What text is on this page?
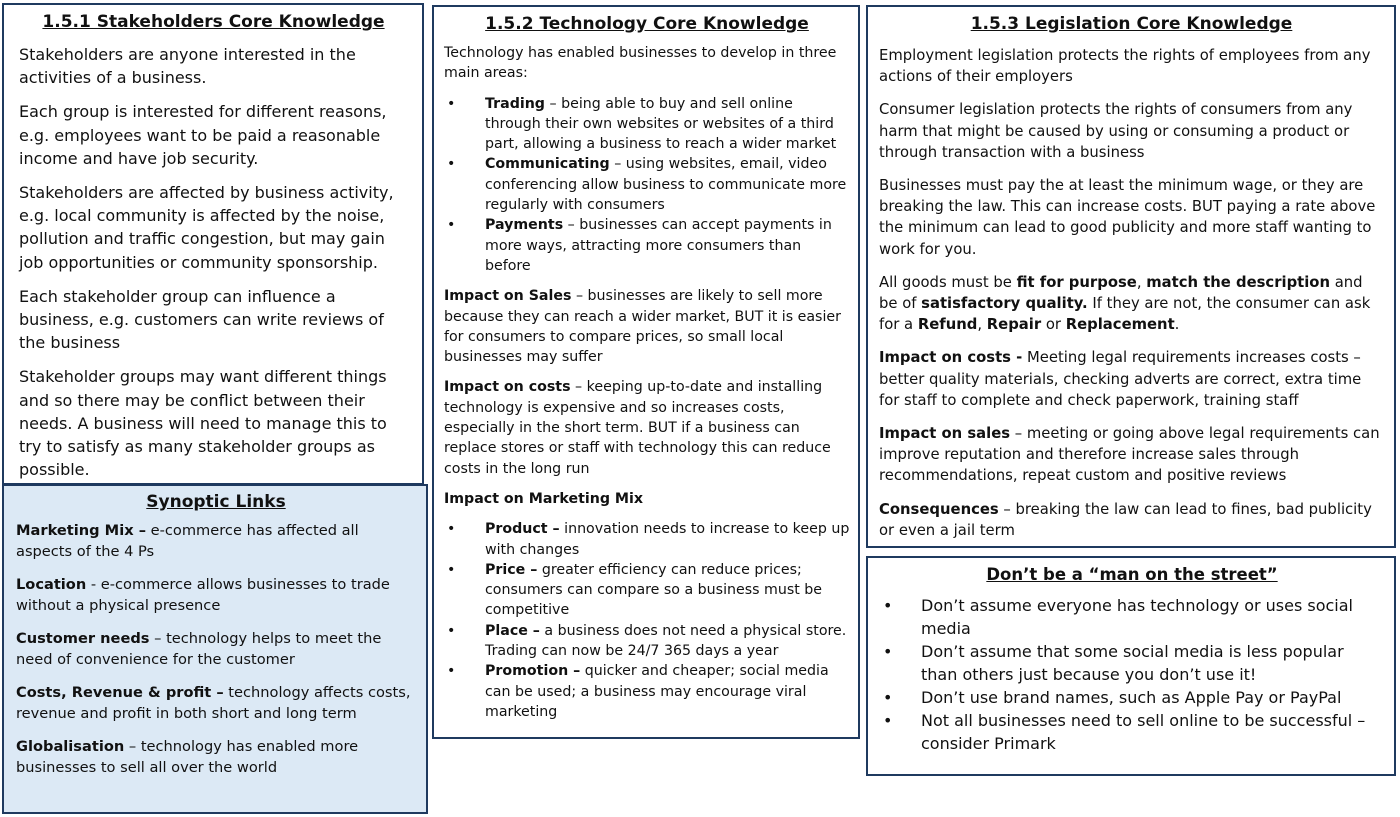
1.5.1 Stakeholders Core Knowledge

Stakeholders are anyone interested in the activities of a business.

Each group is interested for different reasons, e.g. employees want to be paid a reasonable income and have job security.

Stakeholders are affected by business activity, e.g. local community is affected by the noise, pollution and traffic congestion, but may gain job opportunities or community sponsorship.

Each stakeholder group can influence a business, e.g. customers can write reviews of the business

Stakeholder groups may want different things and so there may be conflict between their needs. A business will need to manage this to try to satisfy as many stakeholder groups as possible.

Synoptic Links

Marketing Mix – e-commerce has affected all aspects of the 4 Ps

Location - e-commerce allows businesses to trade without a physical presence

Customer needs – technology helps to meet the need of convenience for the customer

Costs, Revenue & profit – technology affects costs, revenue and profit in both short and long term

Globalisation – technology has enabled more businesses to sell all over the world

1.5.2 Technology Core Knowledge

Technology has enabled businesses to develop in three main areas:

• Trading – being able to buy and sell online through their own websites or websites of a third part, allowing a business to reach a wider market
• Communicating – using websites, email, video conferencing allow business to communicate more regularly with consumers
• Payments – businesses can accept payments in more ways, attracting more consumers than before

Impact on Sales – businesses are likely to sell more because they can reach a wider market, BUT it is easier for consumers to compare prices, so small local businesses may suffer

Impact on costs – keeping up-to-date and installing technology is expensive and so increases costs, especially in the short term. BUT if a business can replace stores or staff with technology this can reduce costs in the long run

Impact on Marketing Mix

• Product – innovation needs to increase to keep up with changes
• Price – greater efficiency can reduce prices; consumers can compare so a business must be competitive
• Place – a business does not need a physical store. Trading can now be 24/7 365 days a year
• Promotion – quicker and cheaper; social media can be used; a business may encourage viral marketing
1.5.3 Legislation Core Knowledge

Employment legislation protects the rights of employees from any actions of their employers

Consumer legislation protects the rights of consumers from any harm that might be caused by using or consuming a product or through transaction with a business

Businesses must pay the at least the minimum wage, or they are breaking the law. This can increase costs. BUT paying a rate above the minimum can lead to good publicity and more staff wanting to work for you.

All goods must be fit for purpose, match the description and be of satisfactory quality. If they are not, the consumer can ask for a Refund, Repair or Replacement.

Impact on costs - Meeting legal requirements increases costs – better quality materials, checking adverts are correct, extra time for staff to complete and check paperwork, training staff

Impact on sales – meeting or going above legal requirements can improve reputation and therefore increase sales through recommendations, repeat custom and positive reviews

Consequences – breaking the law can lead to fines, bad publicity or even a jail term

Don’t be a “man on the street”
• Don’t assume everyone has technology or uses social media
• Don’t assume that some social media is less popular than others just because you don’t use it!
• Don’t use brand names, such as Apple Pay or PayPal
• Not all businesses need to sell online to be successful – consider Primark
